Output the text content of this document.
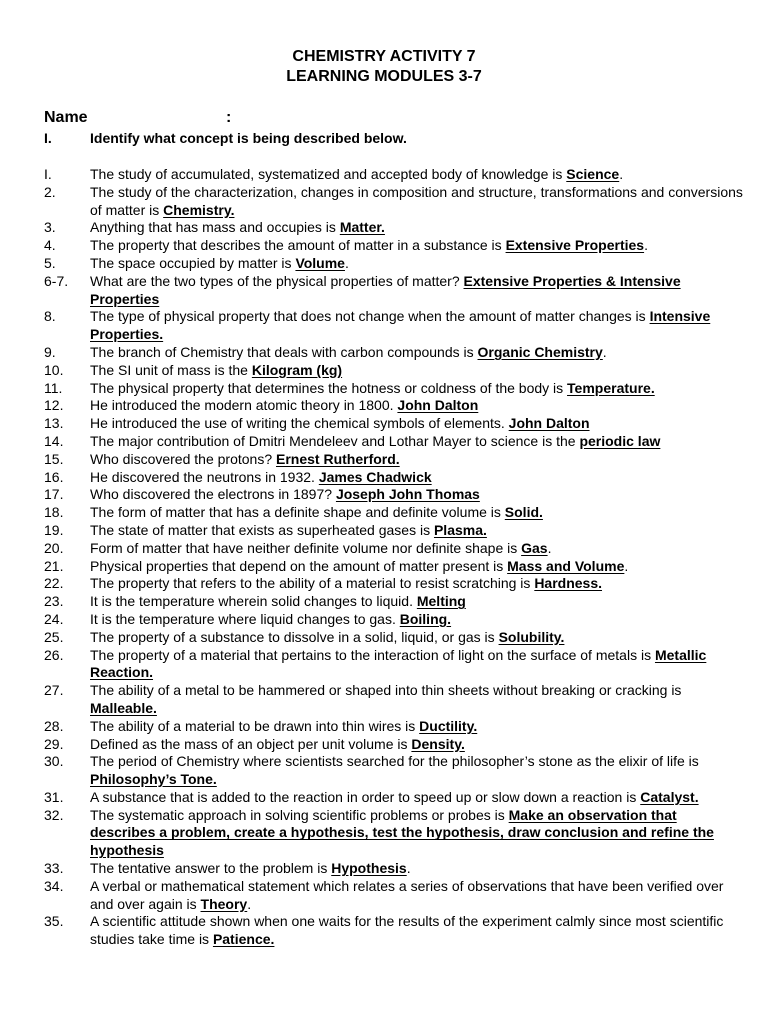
CHEMISTRY ACTIVITY 7
LEARNING MODULES 3-7
Name	:
I.	Identify what concept is being described below.
I.	The study of accumulated, systematized and accepted body of knowledge is Science.
2. The study of the characterization, changes in composition and structure, transformations and conversions of matter is Chemistry.
3. Anything that has mass and occupies is Matter.
4. The property that describes the amount of matter in a substance is Extensive Properties.
5. The space occupied by matter is Volume.
6-7. What are the two types of the physical properties of matter? Extensive Properties & Intensive Properties
8. The type of physical property that does not change when the amount of matter changes is Intensive Properties.
9. The branch of Chemistry that deals with carbon compounds is Organic Chemistry.
10. The SI unit of mass is the Kilogram (kg)
11. The physical property that determines the hotness or coldness of the body is Temperature.
12. He introduced the modern atomic theory in 1800. John Dalton
13. He introduced the use of writing the chemical symbols of elements. John Dalton
14. The major contribution of Dmitri Mendeleev and Lothar Mayer to science is the periodic law
15. Who discovered the protons? Ernest Rutherford.
16. He discovered the neutrons in 1932. James Chadwick
17. Who discovered the electrons in 1897? Joseph John Thomas
18. The form of matter that has a definite shape and definite volume is Solid.
19. The state of matter that exists as superheated gases is Plasma.
20. Form of matter that have neither definite volume nor definite shape is Gas.
21. Physical properties that depend on the amount of matter present is Mass and Volume.
22. The property that refers to the ability of a material to resist scratching is Hardness.
23. It is the temperature wherein solid changes to liquid. Melting
24. It is the temperature where liquid changes to gas. Boiling.
25. The property of a substance to dissolve in a solid, liquid, or gas is Solubility.
26. The property of a material that pertains to the interaction of light on the surface of metals is Metallic Reaction.
27. The ability of a metal to be hammered or shaped into thin sheets without breaking or cracking is Malleable.
28. The ability of a material to be drawn into thin wires is Ductility.
29. Defined as the mass of an object per unit volume is Density.
30. The period of Chemistry where scientists searched for the philosopher’s stone as the elixir of life is Philosophy’s Tone.
31. A substance that is added to the reaction in order to speed up or slow down a reaction is Catalyst.
32. The systematic approach in solving scientific problems or probes is Make an observation that describes a problem, create a hypothesis, test the hypothesis, draw conclusion and refine the hypothesis
33. The tentative answer to the problem is Hypothesis.
34. A verbal or mathematical statement which relates a series of observations that have been verified over and over again is Theory.
35. A scientific attitude shown when one waits for the results of the experiment calmly since most scientific studies take time is Patience.
